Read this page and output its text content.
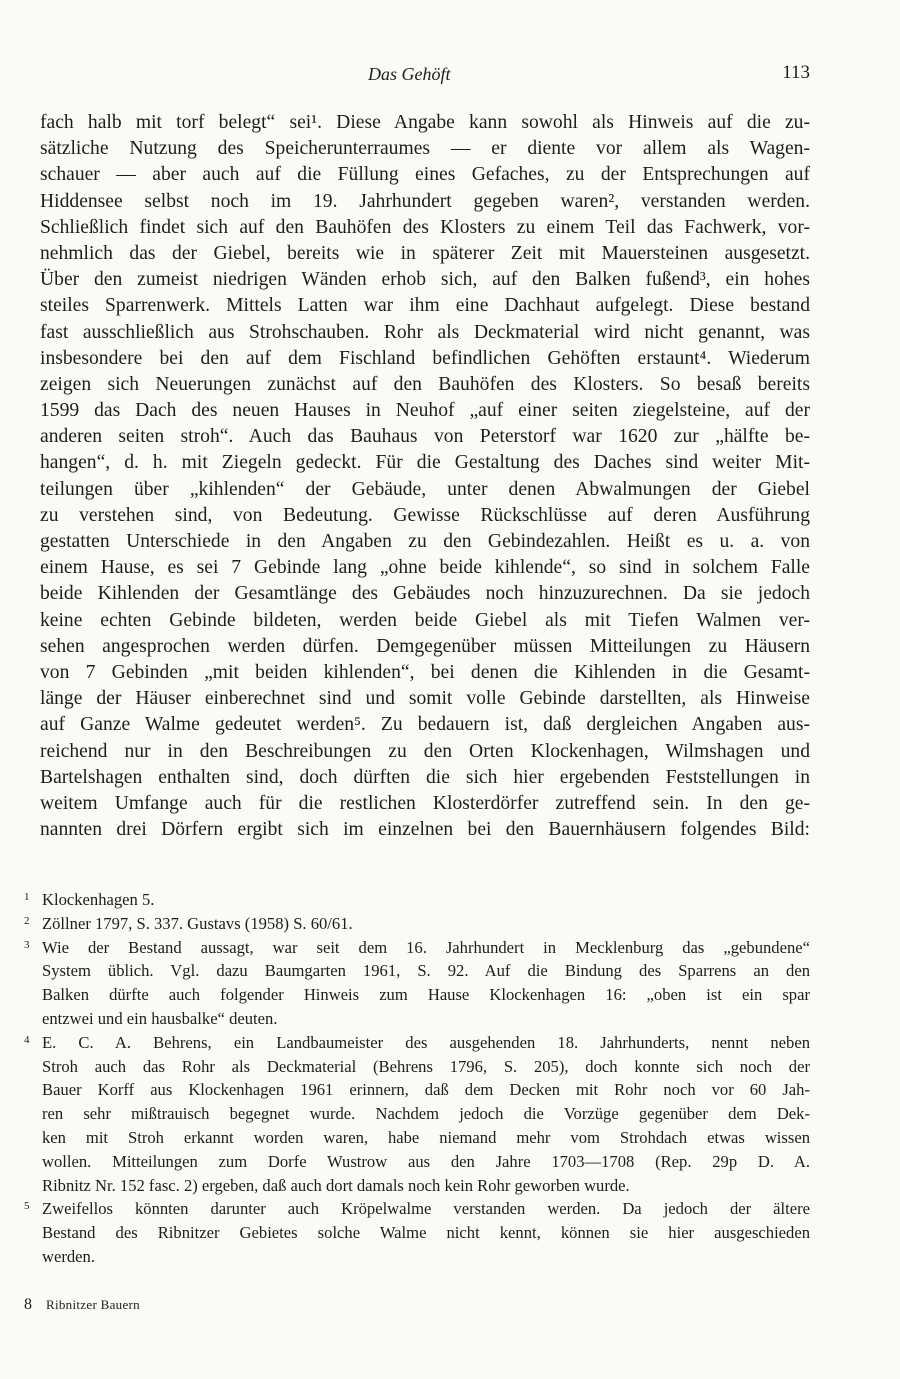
Das Gehöft	113
fach halb mit torf belegt“ sei¹. Diese Angabe kann sowohl als Hinweis auf die zu-
sätzliche Nutzung des Speicherunterraumes — er diente vor allem als Wagen-
schauer — aber auch auf die Füllung eines Gefaches, zu der Entsprechungen auf
Hiddensee selbst noch im 19. Jahrhundert gegeben waren², verstanden werden.
Schließlich findet sich auf den Bauhöfen des Klosters zu einem Teil das Fachwerk, vor-
nehmlich das der Giebel, bereits wie in späterer Zeit mit Mauersteinen ausgesetzt.
Über den zumeist niedrigen Wänden erhob sich, auf den Balken fußend³, ein hohes
steiles Sparrenwerk. Mittels Latten war ihm eine Dachhaut aufgelegt. Diese bestand
fast ausschließlich aus Strohschauben. Rohr als Deckmaterial wird nicht genannt, was
insbesondere bei den auf dem Fischland befindlichen Gehöften erstaunt⁴. Wiederum
zeigen sich Neuerungen zunächst auf den Bauhöfen des Klosters. So besaß bereits
1599 das Dach des neuen Hauses in Neuhof „auf einer seiten ziegelsteine, auf der
anderen seiten stroh“. Auch das Bauhaus von Peterstorf war 1620 zur „hälfte be-
hangen“, d. h. mit Ziegeln gedeckt. Für die Gestaltung des Daches sind weiter Mit-
teilungen über „kihlenden“ der Gebäude, unter denen Abwalmungen der Giebel
zu verstehen sind, von Bedeutung. Gewisse Rückschlüsse auf deren Ausführung
gestatten Unterschiede in den Angaben zu den Gebindezahlen. Heißt es u. a. von
einem Hause, es sei 7 Gebinde lang „ohne beide kihlende“, so sind in solchem Falle
beide Kihlenden der Gesamtlänge des Gebäudes noch hinzuzurechnen. Da sie jedoch
keine echten Gebinde bildeten, werden beide Giebel als mit Tiefen Walmen ver-
sehen angesprochen werden dürfen. Demgegenüber müssen Mitteilungen zu Häusern
von 7 Gebinden „mit beiden kihlenden“, bei denen die Kihlenden in die Gesamt-
länge der Häuser einberechnet sind und somit volle Gebinde darstellten, als Hinweise
auf Ganze Walme gedeutet werden⁵. Zu bedauern ist, daß dergleichen Angaben aus-
reichend nur in den Beschreibungen zu den Orten Klockenhagen, Wilmshagen und
Bartelshagen enthalten sind, doch dürften die sich hier ergebenden Feststellungen in
weitem Umfange auch für die restlichen Klosterdörfer zutreffend sein. In den ge-
nannten drei Dörfern ergibt sich im einzelnen bei den Bauernhäusern folgendes Bild:
1 Klockenhagen 5.
2 Zöllner 1797, S. 337. Gustavs (1958) S. 60/61.
3 Wie der Bestand aussagt, war seit dem 16. Jahrhundert in Mecklenburg das „gebundene“
System üblich. Vgl. dazu Baumgarten 1961, S. 92. Auf die Bindung des Sparrens an den
Balken dürfte auch folgender Hinweis zum Hause Klockenhagen 16: „oben ist ein spar
entzwei und ein hausbalke“ deuten.
4 E. C. A. Behrens, ein Landbaumeister des ausgehenden 18. Jahrhunderts, nennt neben
Stroh auch das Rohr als Deckmaterial (Behrens 1796, S. 205), doch konnte sich noch der
Bauer Korff aus Klockenhagen 1961 erinnern, daß dem Decken mit Rohr noch vor 60 Jah-
ren sehr mißtrauisch begegnet wurde. Nachdem jedoch die Vorzüge gegenüber dem Dek-
ken mit Stroh erkannt worden waren, habe niemand mehr vom Strohdach etwas wissen
wollen. Mitteilungen zum Dorfe Wustrow aus den Jahre 1703—1708 (Rep. 29p D. A.
Ribnitz Nr. 152 fasc. 2) ergeben, daß auch dort damals noch kein Rohr geworben wurde.
5 Zweifellos könnten darunter auch Kröpelwalme verstanden werden. Da jedoch der ältere
Bestand des Ribnitzer Gebietes solche Walme nicht kennt, können sie hier ausgeschieden
werden.
8 Ribnitzer Bauern
